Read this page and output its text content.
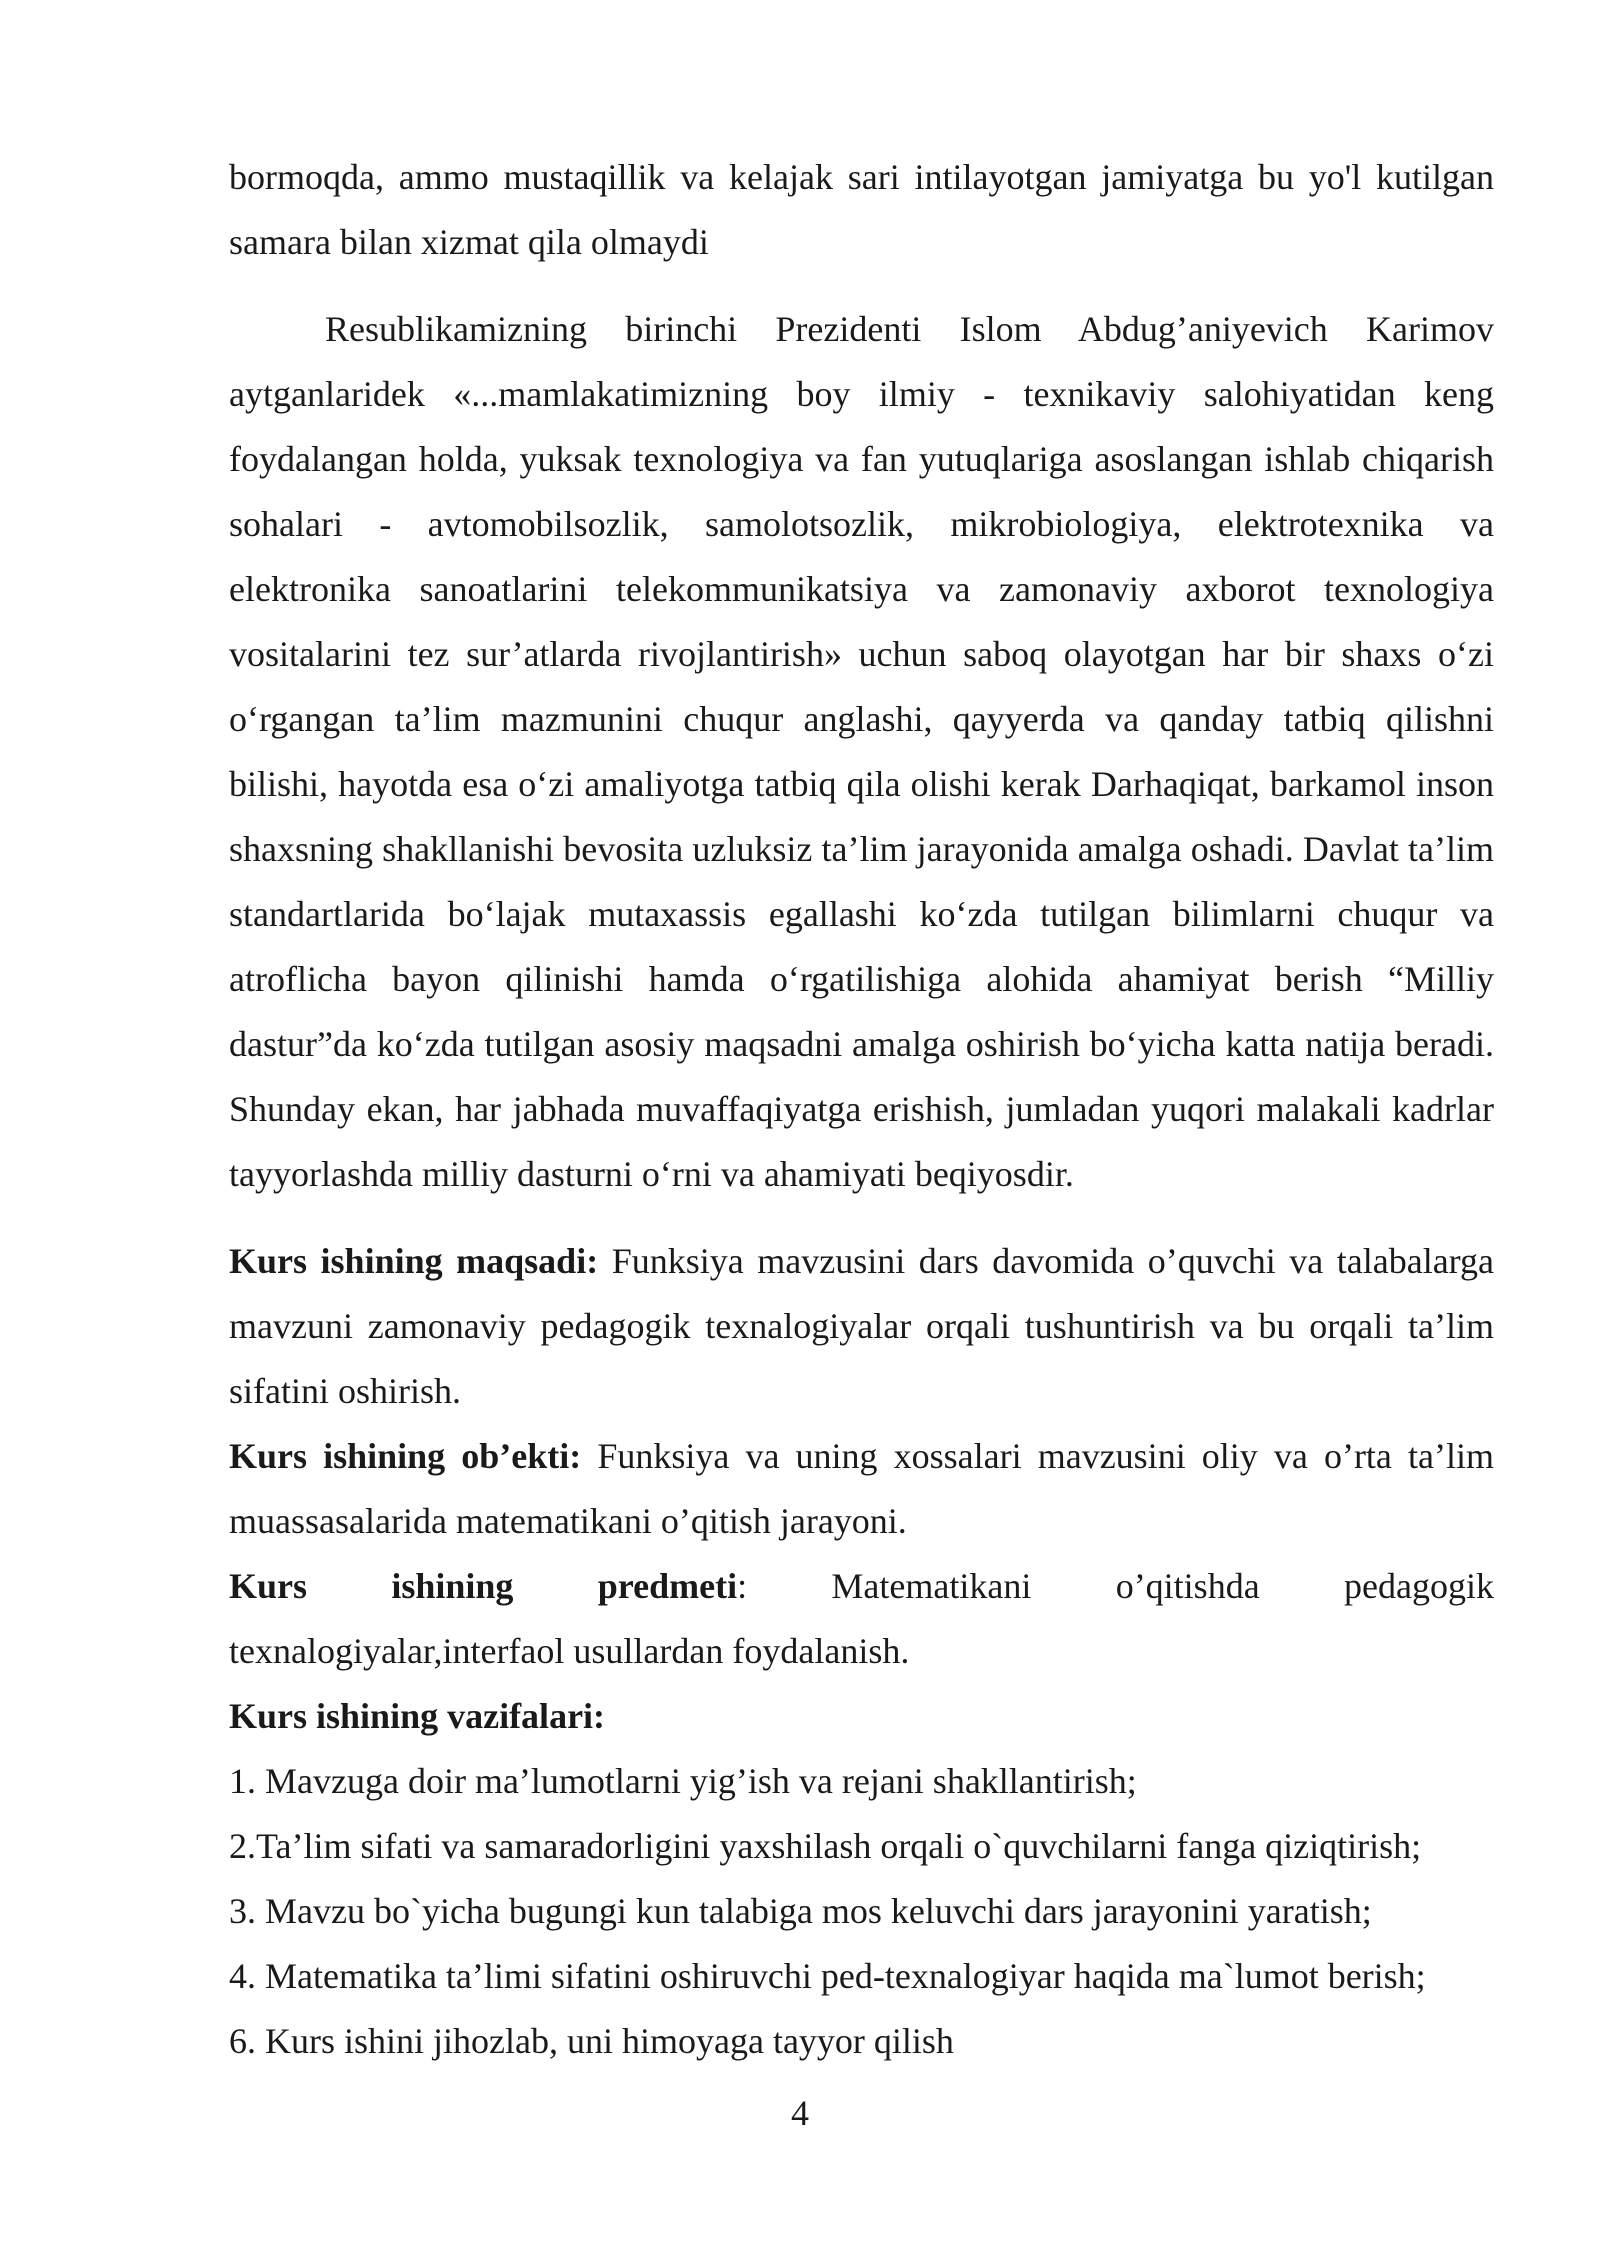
bormoqda, ammo mustaqillik va kelajak sari intilayotgan jamiyatga bu yo'l kutilgan samara bilan xizmat qila olmaydi

Resublikamizning birinchi Prezidenti Islom Abdug’aniyevich Karimov aytganlaridek «...mamlakatimizning boy ilmiy - texnikaviy salohiyatidan keng foydalangan holda, yuksak texnologiya va fan yutuqlariga asoslangan ishlab chiqarish sohalari - avtomobilsozlik, samolotsozlik, mikrobiologiya, elektrotexnika va elektronika sanoatlarini telekommunikatsiya va zamonaviy axborot texnologiya vositalarini tez sur’atlarda rivojlantirish» uchun saboq olayotgan har bir shaxs o‘zi o‘rgangan ta’lim mazmunini chuqur anglashi, qayyerda va qanday tatbiq qilishni bilishi, hayotda esa o‘zi amaliyotga tatbiq qila olishi kerak Darhaqiqat, barkamol inson shaxsning shakllanishi bevosita uzluksiz ta’lim jarayonida amalga oshadi. Davlat ta’lim standartlarida bo‘lajak mutaxassis egallashi ko‘zda tutilgan bilimlarni chuqur va atroflicha bayon qilinishi hamda o‘rgatilishiga alohida ahamiyat berish “Milliy dastur”da ko‘zda tutilgan asosiy maqsadni amalga oshirish bo‘yicha katta natija beradi. Shunday ekan, har jabhada muvaffaqiyatga erishish, jumladan yuqori malakali kadrlar tayyorlashda milliy dasturni o‘rni va ahamiyati beqiyosdir.

Kurs ishining maqsadi: Funksiya mavzusini dars davomida o’quvchi va talabalarga mavzuni zamonaviy pedagogik texnalogiyalar orqali tushuntirish va bu orqali ta’lim sifatini oshirish.

Kurs ishining ob’ekti: Funksiya va uning xossalari mavzusini oliy va o’rta ta’lim muassasalarida matematikani o’qitish jarayoni.

Kurs ishining predmeti: Matematikani o’qitishda pedagogik

texnalogiyalar,interfaol usullardan foydalanish.

Kurs ishining vazifalari:

1. Mavzuga doir ma’lumotlarni yig’ish va rejani shakllantirish;
2.Ta’lim sifati va samaradorligini yaxshilash orqali o`quvchilarni fanga qiziqtirish;
3. Mavzu bo`yicha bugungi kun talabiga mos keluvchi dars jarayonini yaratish;
4. Matematika ta’limi sifatini oshiruvchi ped-texnalogiyar haqida ma`lumot berish;
6. Kurs ishini jihozlab, uni himoyaga tayyor qilish
4
